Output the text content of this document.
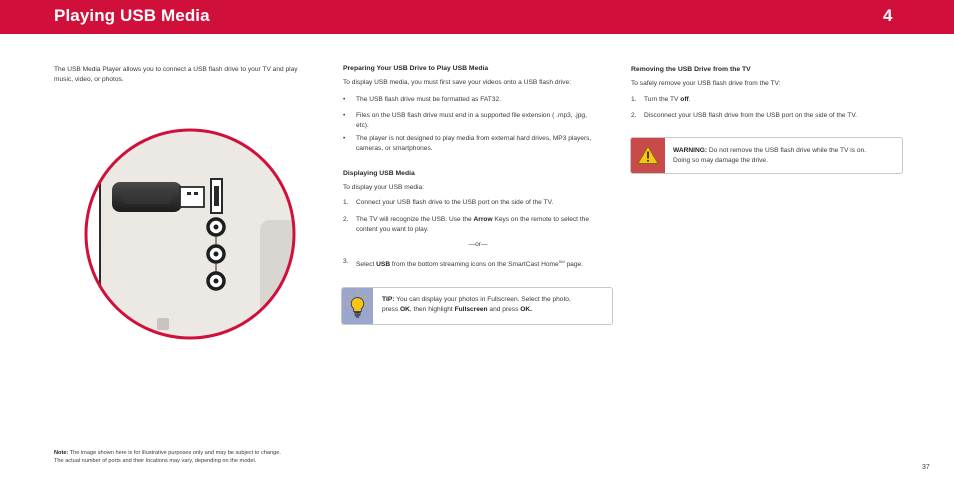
Playing USB Media	4
The USB Media Player allows you to connect a USB flash drive to your TV and play
music, video, or photos.
Note: The image shown here is for illustrative purposes only and may be subject to change.
The actual number of ports and their locations may vary, depending on the model.
Preparing Your USB Drive to Play USB Media
To display USB media, you must first save your videos onto a USB flash drive:
• The USB flash drive must be formatted as FAT32.
• Files on the USB flash drive must end in a supported file extension ( .mp3, .jpg,
etc).
• The player is not designed to play media from external hard drives, MP3 players,
cameras, or smartphones.
Displaying USB Media
To display your USB media:
1. Connect your USB flash drive to the USB port on the side of the TV.
2. The TV will recognize the USB. Use the Arrow Keys on the remote to select the
content you want to play.
—or—
3. Select USB from the bottom streaming icons on the SmartCast Home℠ page.
TIP: You can display your photos in Fullscreen. Select the photo,
press OK, then highlight Fullscreen and press OK.
Removing the USB Drive from the TV
To safely remove your USB flash drive from the TV:
1. Turn the TV off.
2. Disconnect your USB flash drive from the USB port on the side of the TV.
WARNING: Do not remove the USB flash drive while the TV is on.
Doing so may damage the drive.
37
